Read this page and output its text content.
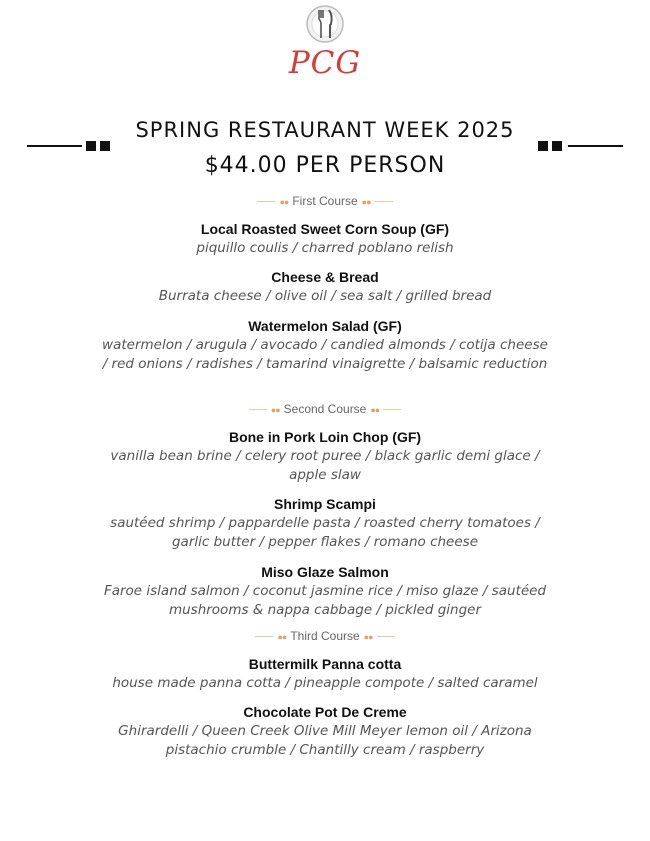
PCG
SPRING RESTAURANT WEEK 2025
$44.00 PER PERSON
●● First Course ●●
Local Roasted Sweet Corn Soup (GF)
piquillo coulis / charred poblano relish
Cheese & Bread
Burrata cheese / olive oil / sea salt / grilled bread
Watermelon Salad (GF)
watermelon / arugula / avocado / candied almonds / cotija cheese / red onions / radishes / tamarind vinaigrette / balsamic reduction
●● Second Course ●●
Bone in Pork Loin Chop (GF)
vanilla bean brine / celery root puree / black garlic demi glace / apple slaw
Shrimp Scampi
sautéed shrimp / pappardelle pasta / roasted cherry tomatoes / garlic butter / pepper flakes / romano cheese
Miso Glaze Salmon
Faroe island salmon / coconut jasmine rice / miso glaze / sautéed mushrooms & nappa cabbage / pickled ginger
●● Third Course ●●
Buttermilk Panna cotta
house made panna cotta / pineapple compote / salted caramel
Chocolate Pot De Creme
Ghirardelli / Queen Creek Olive Mill Meyer lemon oil / Arizona pistachio crumble / Chantilly cream / raspberry
